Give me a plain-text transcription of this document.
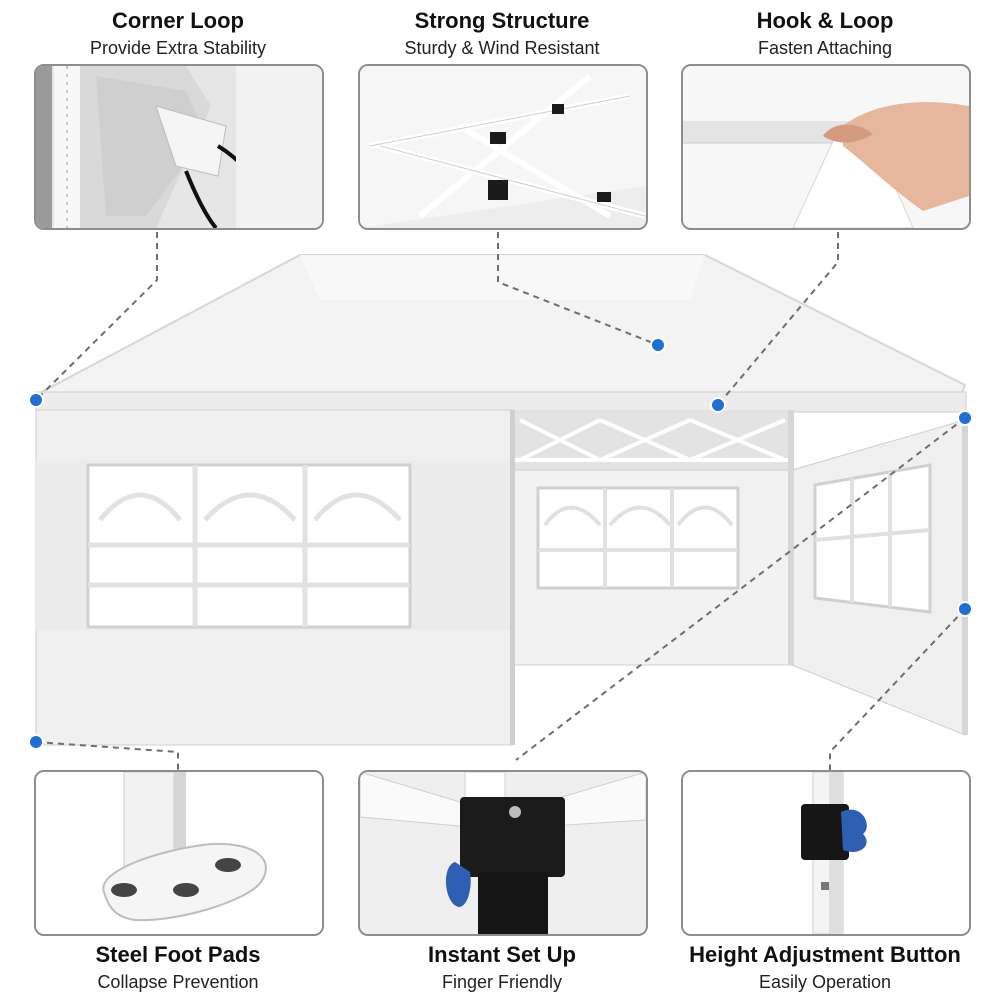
Corner Loop
Provide Extra Stability
Strong Structure
Sturdy & Wind Resistant
Hook & Loop
Fasten Attaching
Steel Foot Pads
Collapse Prevention
Instant Set Up
Finger Friendly
Height Adjustment Button
Easily Operation
